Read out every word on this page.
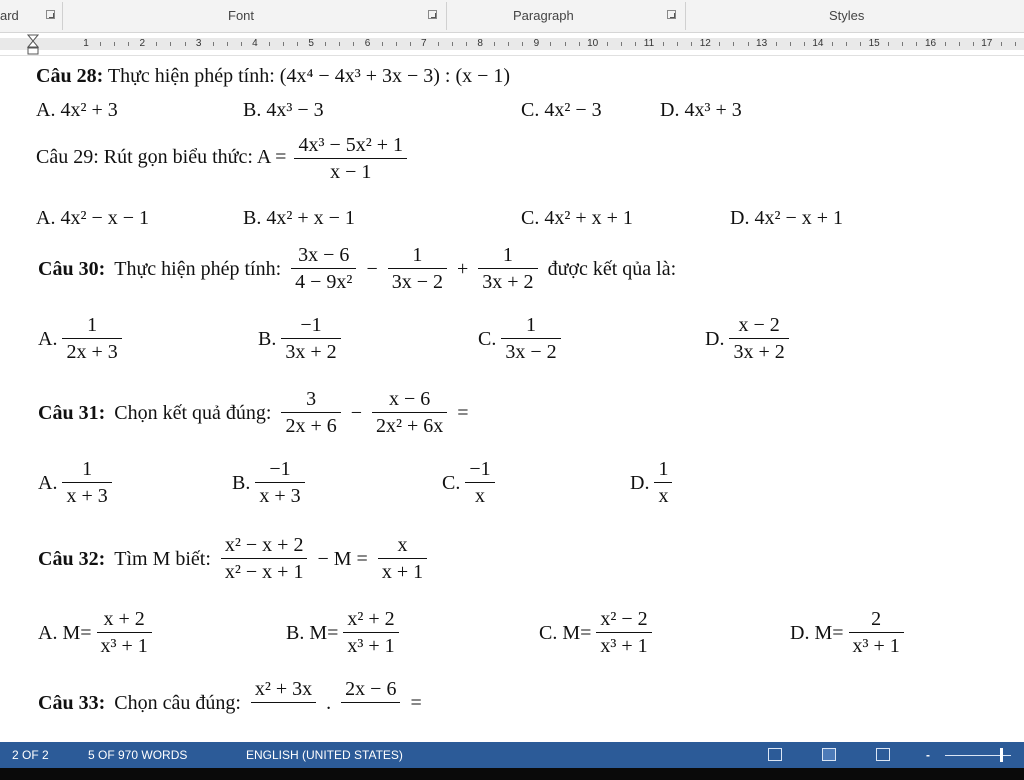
ard	Font	Paragraph	Styles
1	2	3	4	5	6	7	8	9	10	11	12	13	14	15	16	17
Câu 28: Thực hiện phép tính: (4x⁴ − 4x³ + 3x − 3) : (x − 1)
A. 4x² + 3	B. 4x³ − 3	C. 4x² − 3	D. 4x³ + 3
Câu 29: Rút gọn biểu thức: $A = \frac{\text{4x³ − 5x² + 1}}{x - 1}$
A. 4x² − x − 1	B. 4x² + x − 1	C. 4x² + x + 1	D. 4x² − x + 1
Câu 30: Thực hiện phép tính: $\frac{3x - 6}{\text{4 − 9x²}} - \frac{1}{3x - 2} + \frac{1}{3x + 2}$ được kết qủa là:
A. $\frac{1}{2x + 3}$	B. $\frac{-1}{3x + 2}$	C. $\frac{1}{3x - 2}$	D. $\frac{x - 2}{3x + 2}$
Câu 31: Chọn kết quả đúng: $\frac{3}{2x + 6} - \frac{x - 6}{\text{2x² + 6x}}$ =
A. $\frac{1}{x + 3}$	B. $\frac{-1}{x + 3}$	C. $\frac{-1}{x}$	D. $\frac{1}{x}$
Câu 32: Tìm M biết: $\frac{\text{x² − x + 2}}{\text{x² − x + 1}} - M = \frac{x}{x + 1}$
A. $M= \frac{x + 2}{\text{x³ + 1}}$	B. $M= \frac{\text{x² + 2}}{\text{x³ + 1}}$	C. $M= \frac{\text{x² − 2}}{\text{x³ + 1}}$	D. $M= \frac{2}{\text{x³ + 1}}$
Câu 33: Chọn câu đúng:
x² + 3x

.
2x − 6

=
2 OF 2	5 OF 970 WORDS	ENGLISH (UNITED STATES)	-
